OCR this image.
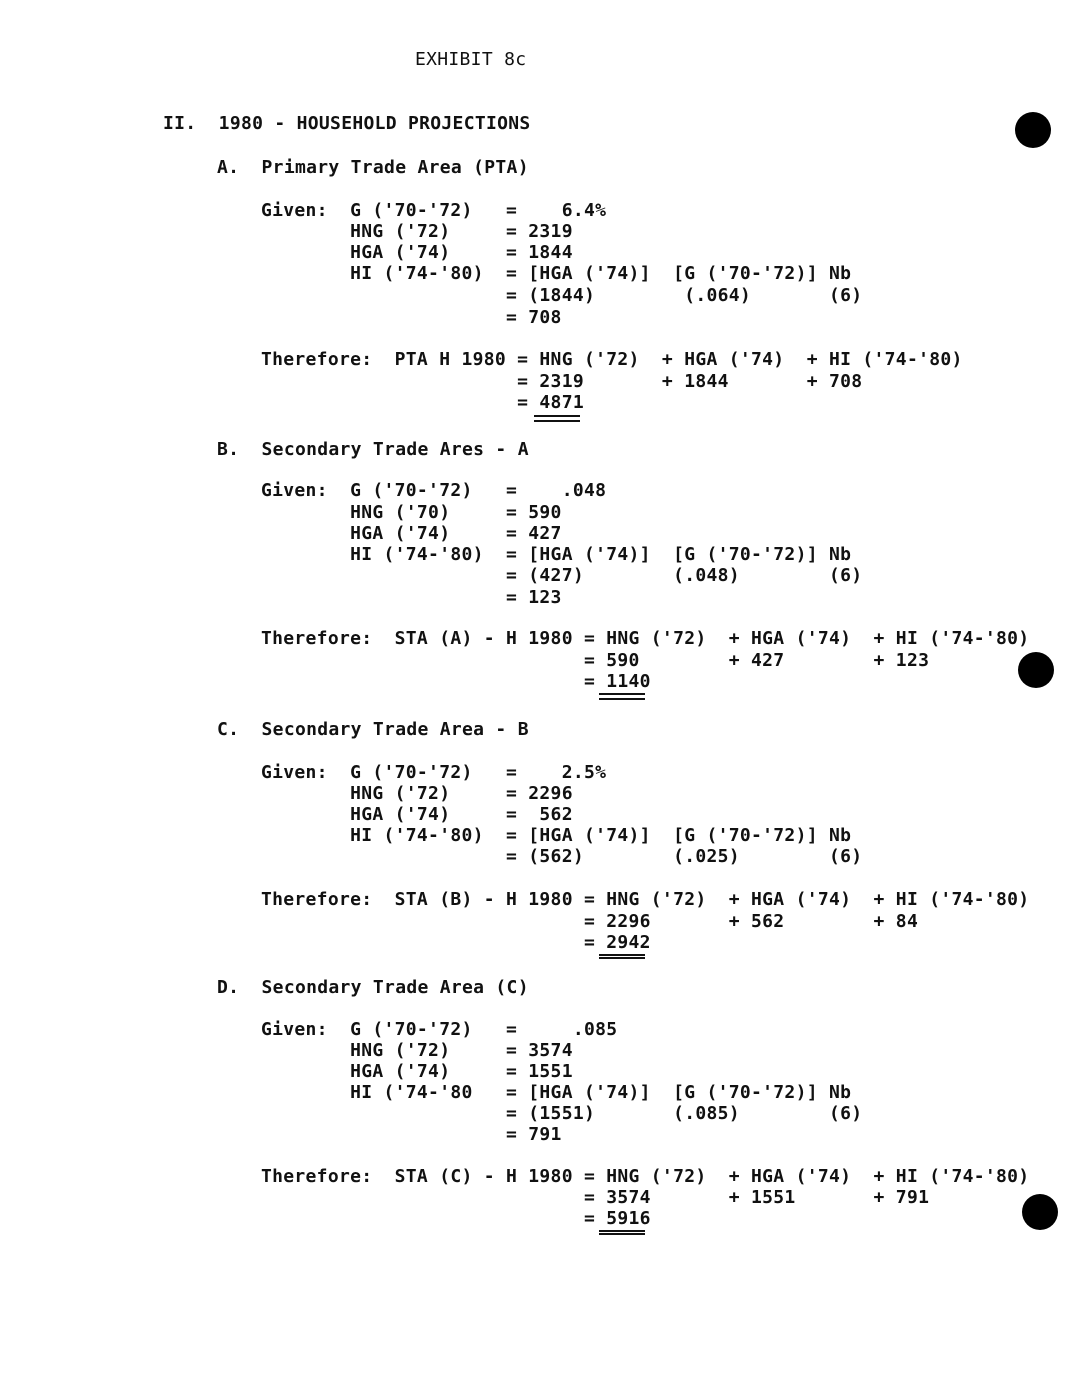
EXHIBIT 8c
II.  1980 - HOUSEHOLD PROJECTIONS
A.  Primary Trade Area (PTA)
Given:  G ('70-'72)   =    6.4%
HNG ('72)     = 2319
HGA ('74)     = 1844
HI ('74-'80)  = [HGA ('74)]  [G ('70-'72)] Nb
= (1844)        (.064)       (6)
= 708
Therefore:  PTA H 1980 = HNG ('72)  + HGA ('74)  + HI ('74-'80)
= 2319       + 1844       + 708
= 4871
B.  Secondary Trade Ares - A
Given:  G ('70-'72)   =    .048
HNG ('70)     = 590
HGA ('74)     = 427
HI ('74-'80)  = [HGA ('74)]  [G ('70-'72)] Nb
= (427)        (.048)        (6)
= 123
Therefore:  STA (A) - H 1980 = HNG ('72)  + HGA ('74)  + HI ('74-'80)
= 590        + 427        + 123
= 1140
C.  Secondary Trade Area - B
Given:  G ('70-'72)   =    2.5%
HNG ('72)     = 2296
HGA ('74)     =  562
HI ('74-'80)  = [HGA ('74)]  [G ('70-'72)] Nb
= (562)        (.025)        (6)
Therefore:  STA (B) - H 1980 = HNG ('72)  + HGA ('74)  + HI ('74-'80)
= 2296       + 562        + 84
= 2942
D.  Secondary Trade Area (C)
Given:  G ('70-'72)   =     .085
HNG ('72)     = 3574
HGA ('74)     = 1551
HI ('74-'80   = [HGA ('74)]  [G ('70-'72)] Nb
= (1551)       (.085)        (6)
= 791
Therefore:  STA (C) - H 1980 = HNG ('72)  + HGA ('74)  + HI ('74-'80)
= 3574       + 1551       + 791
= 5916
